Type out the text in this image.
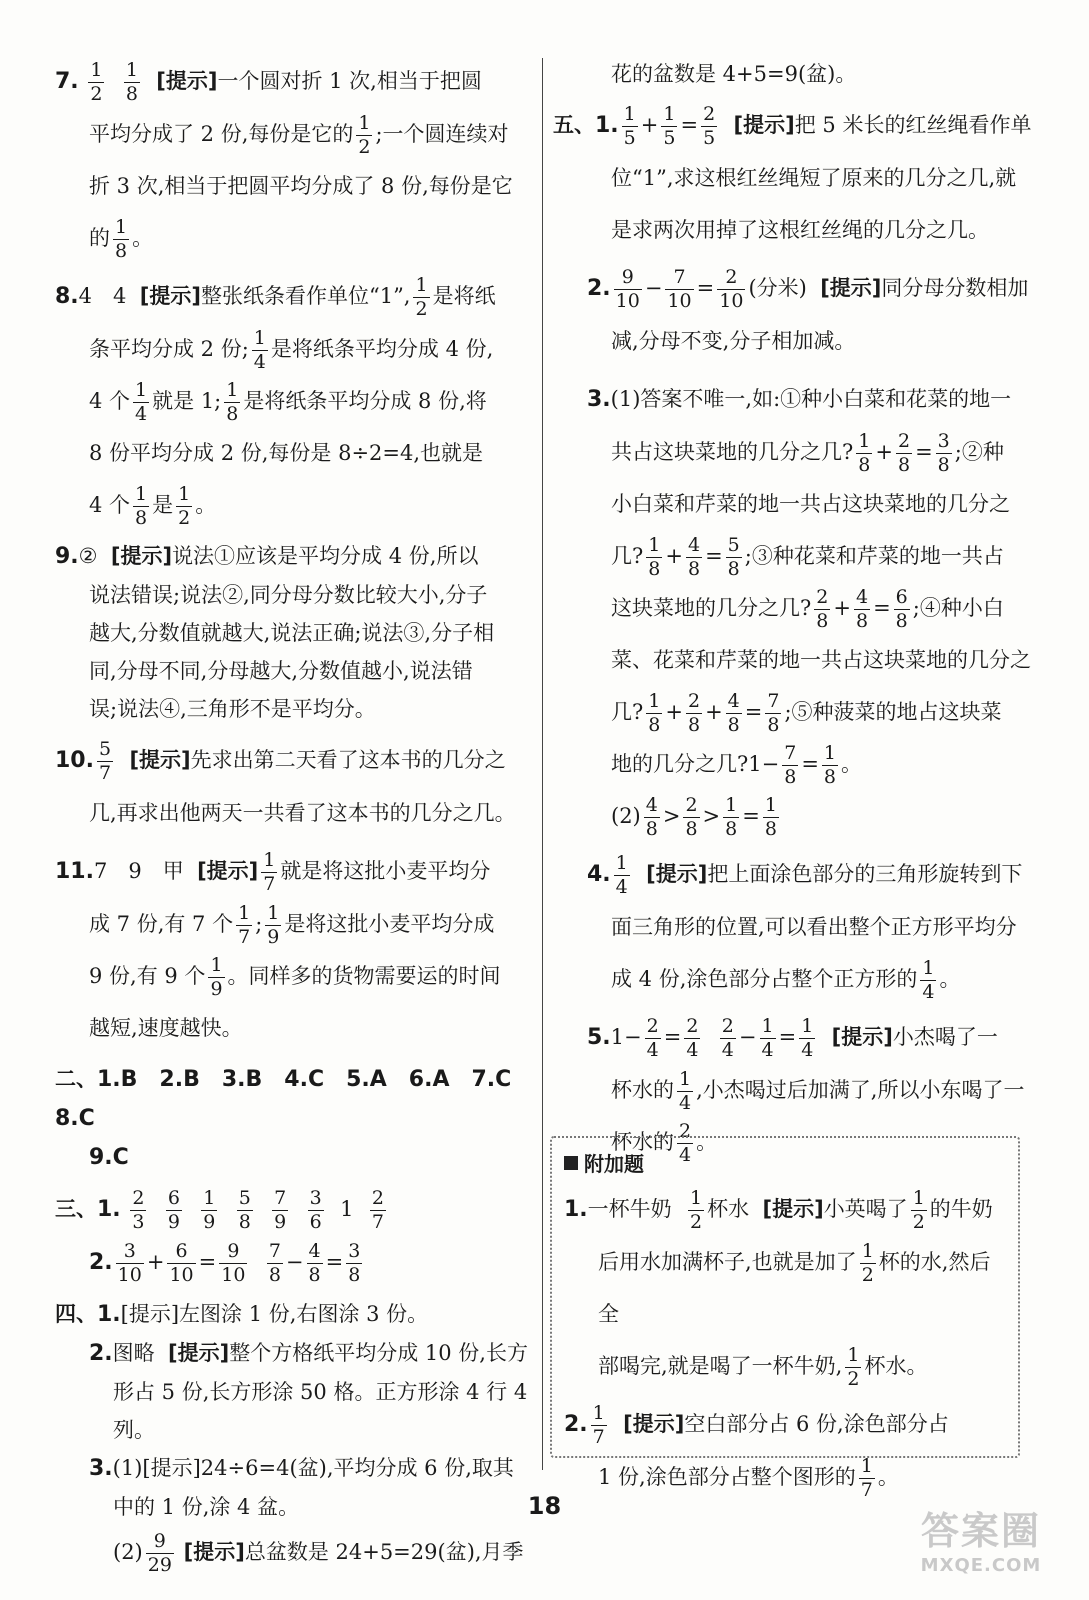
7. $\frac{1}{2}$
$\frac{1}{8}$ [提示]一个圆对折 1 次,相当于把圆
平均分成了 2 份,每份是它的 $\frac{1}{2}$ ;一个圆连续对
折 3 次,相当于把圆平均分成了 8 份,每份是它
的 $\frac{1}{8}$ 。
8.4　4 [提示]整张纸条看作单位“1”, $\frac{1}{2}$ 是将纸
条平均分成 2 份; $\frac{1}{4}$ 是将纸条平均分成 4 份,
4 个 $\frac{1}{4}$ 就是 1; $\frac{1}{8}$ 是将纸条平均分成 8 份,将
8 份平均分成 2 份,每份是 8÷2=4,也就是
4 个 $\frac{1}{8}$ 是 $\frac{1}{2}$ 。
9.② [提示]说法①应该是平均分成 4 份,所以
说法错误;说法②,同分母分数比较大小,分子
越大,分数值就越大,说法正确;说法③,分子相
同,分母不同,分母越大,分数值越小,说法错
误;说法④,三角形不是平均分。
10. $\frac{5}{7}$ [提示]先求出第二天看了这本书的几分之
几,再求出他两天一共看了这本书的几分之几。
11.7　9　甲 [提示] $\frac{1}{7}$ 就是将这批小麦平均分
成 7 份,有 7 个 $\frac{1}{7}$ ; $\frac{1}{9}$ 是将这批小麦平均分成
9 份,有 9 个 $\frac{1}{9}$ 。同样多的货物需要运的时间
越短,速度越快。
二、1.B　2.B　3.B　4.C　5.A　6.A　7.C　8.C
9.C
三、1. $\frac{2}{3}$
$\frac{6}{9}$
$\frac{1}{9}$
$\frac{5}{8}$
$\frac{7}{9}$
$\frac{3}{6} 1 \frac{2}{7}$
2. $\frac{3}{10} + \frac{6}{10} = \frac{9}{10}$
$\frac{7}{8} - \frac{4}{8} = \frac{3}{8}$
四、1.[提示]左图涂 1 份,右图涂 3 份。
2.图略 [提示]整个方格纸平均分成 10 份,长方
形占 5 份,长方形涂 50 格。正方形涂 4 行 4 列。
3.(1)[提示]24÷6=4(盆),平均分成 6 份,取其
中的 1 份,涂 4 盆。
$(2) \frac{9}{29}$ [提示]总盆数是 24+5=29(盆),月季
花的盆数是 4+5=9(盆)。
五、1. $\frac{1}{5} + \frac{1}{5} = \frac{2}{5}$ [提示]把 5 米长的红丝绳看作单
位“1”,求这根红丝绳短了原来的几分之几,就
是求两次用掉了这根红丝绳的几分之几。
2. $\frac{9}{10} - \frac{7}{10} = \frac{2}{10}$ (分米) [提示]同分母分数相加
减,分母不变,分子相加减。
3.(1)答案不唯一,如:①种小白菜和花菜的地一
共占这块菜地的几分之几? $\frac{1}{8} + \frac{2}{8} = \frac{3}{8}$ ;②种
小白菜和芹菜的地一共占这块菜地的几分之
几? $\frac{1}{8} + \frac{4}{8} = \frac{5}{8}$ ;③种花菜和芹菜的地一共占
这块菜地的几分之几? $\frac{2}{8} + \frac{4}{8} = \frac{6}{8}$ ;④种小白
菜、花菜和芹菜的地一共占这块菜地的几分之
几? $\frac{1}{8} + \frac{2}{8} + \frac{4}{8} = \frac{7}{8}$ ;⑤种菠菜的地占这块菜
地的几分之几?1− $\frac{7}{8} = \frac{1}{8}$ 。
$(2) \frac{4}{8} > \frac{2}{8} > \frac{1}{8} = \frac{1}{8}$
4. $\frac{1}{4}$ [提示]把上面涂色部分的三角形旋转到下
面三角形的位置,可以看出整个正方形平均分
成 4 份,涂色部分占整个正方形的 $\frac{1}{4}$ 。
$5.1- \frac{2}{4} = \frac{2}{4}$
$\frac{2}{4} - \frac{1}{4} = \frac{1}{4}$ [提示]小杰喝了一
杯水的 $\frac{1}{4}$ ,小杰喝过后加满了,所以小东喝了一
杯水的 $\frac{2}{4}$ 。
附加题
1.一杯牛奶 $\frac{1}{2}$ 杯水 [提示]小英喝了 $\frac{1}{2}$ 的牛奶
后用水加满杯子,也就是加了 $\frac{1}{2}$ 杯的水,然后全
部喝完,就是喝了一杯牛奶, $\frac{1}{2}$ 杯水。
2. $\frac{1}{7}$ [提示]空白部分占 6 份,涂色部分占
1 份,涂色部分占整个图形的 $\frac{1}{7}$ 。
18
答案圈
MXQE.COM
